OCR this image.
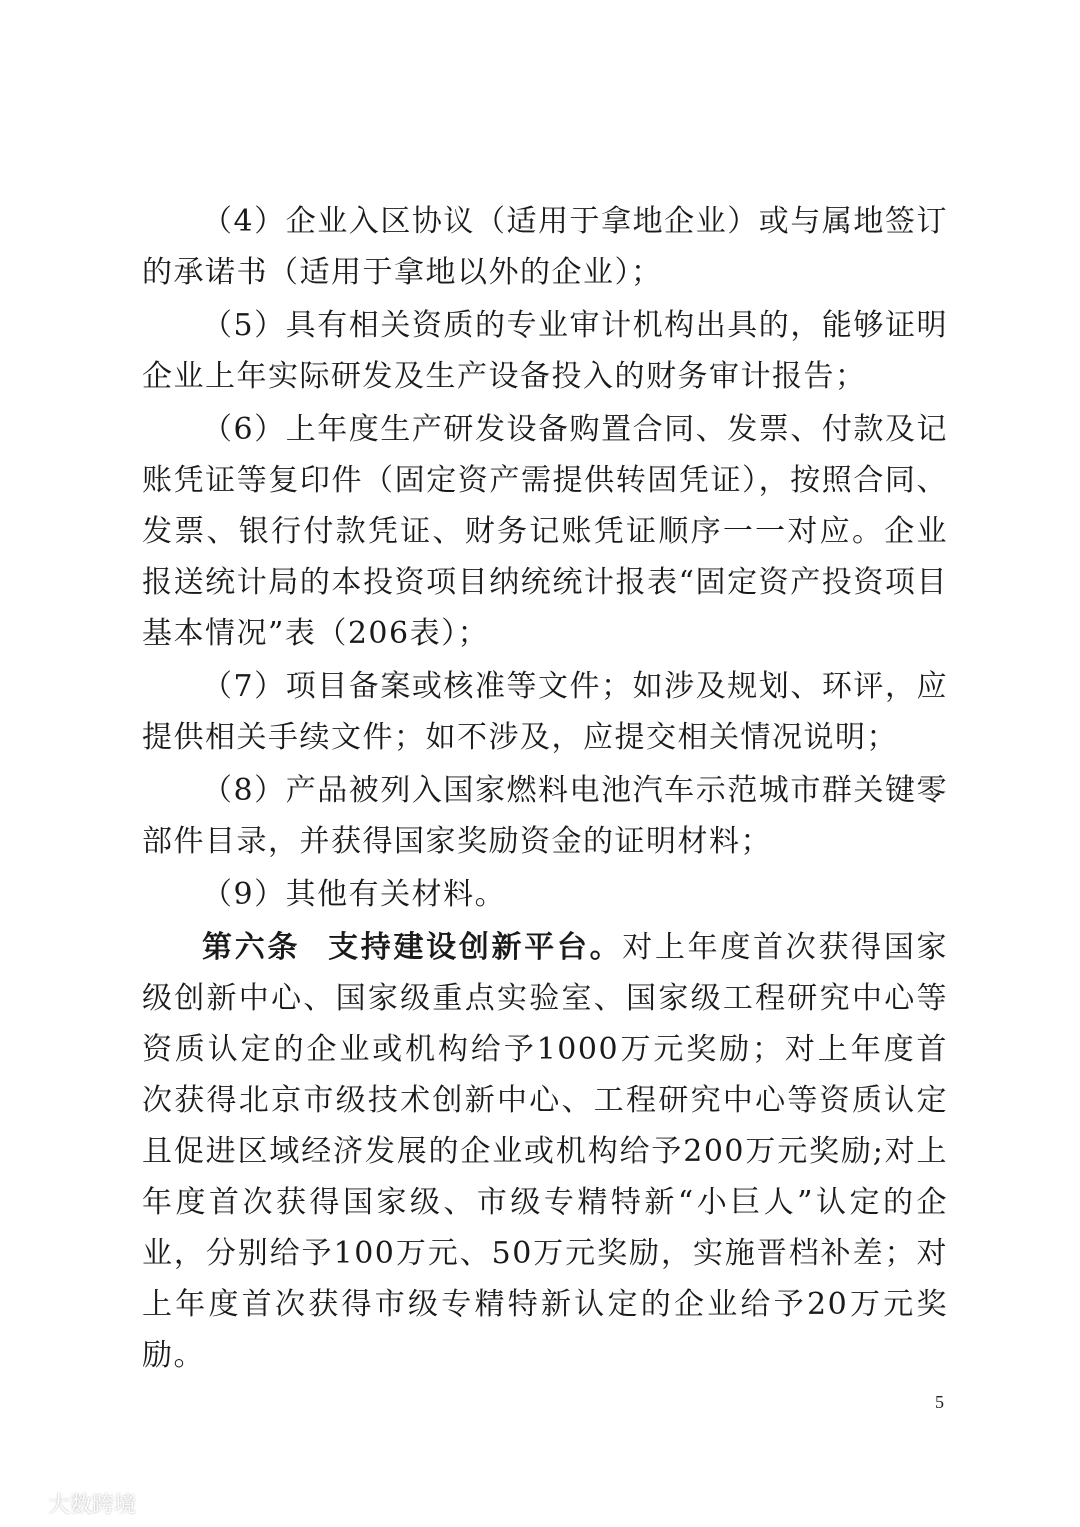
（4）企业入区协议（适用于拿地企业）或与属地签订的承诺书（适用于拿地以外的企业）；

（5）具有相关资质的专业审计机构出具的，能够证明企业上年实际研发及生产设备投入的财务审计报告；

（6）上年度生产研发设备购置合同、发票、付款及记账凭证等复印件（固定资产需提供转固凭证），按照合同、发票、银行付款凭证、财务记账凭证顺序一一对应。企业报送统计局的本投资项目纳统统计报表“固定资产投资项目基本情况”表（206表）；

（7）项目备案或核准等文件；如涉及规划、环评，应提供相关手续文件；如不涉及，应提交相关情况说明；

（8）产品被列入国家燃料电池汽车示范城市群关键零部件目录，并获得国家奖励资金的证明材料；

（9）其他有关材料。

第六条 支持建设创新平台。对上年度首次获得国家级创新中心、国家级重点实验室、国家级工程研究中心等资质认定的企业或机构给予1000万元奖励；对上年度首次获得北京市级技术创新中心、工程研究中心等资质认定且促进区域经济发展的企业或机构给予200万元奖励;对上年度首次获得国家级、市级专精特新“小巨人”认定的企业，分别给予100万元、50万元奖励，实施晋档补差；对上年度首次获得市级专精特新认定的企业给予20万元奖励。

5
大数跨境
